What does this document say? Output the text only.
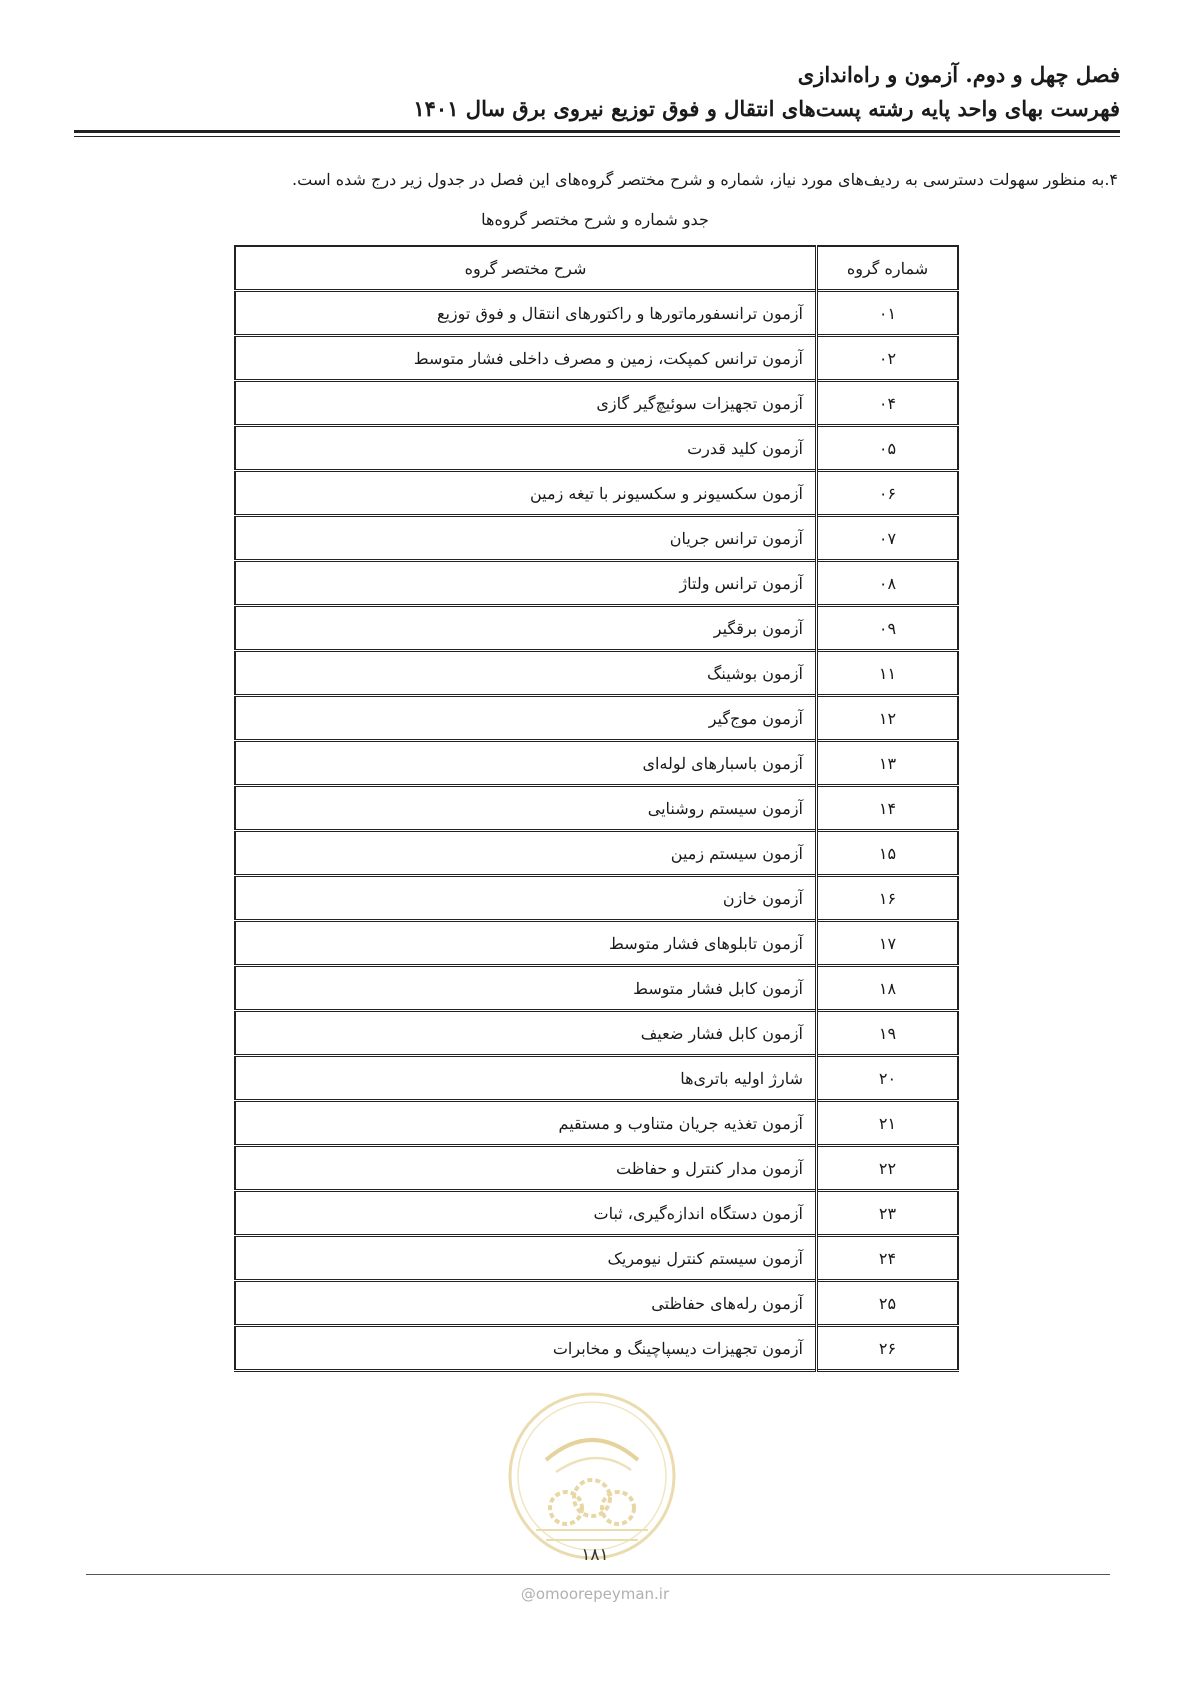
فصل چهل و دوم. آزمون و راه‌اندازی
فهرست بهای واحد پایه رشته پست‌های انتقال و فوق توزیع نیروی برق سال ۱۴۰۱
۴.به منظور سهولت دسترسی به ردیف‌های مورد نیاز، شماره و شرح مختصر گروه‌های این فصل در جدول زیر درج شده است.
جدو شماره و شرح مختصر گروه‌ها
شماره گروه	شرح مختصر گروه
۰۱	آزمون ترانسفورماتورها و راکتورهای انتقال و فوق توزیع
۰۲	آزمون ترانس کمپکت، زمین و مصرف داخلی فشار متوسط
۰۴	آزمون تجهیزات سوئیچ‌گیر گازی
۰۵	آزمون کلید قدرت
۰۶	آزمون سکسیونر و سکسیونر با تیغه زمین
۰۷	آزمون ترانس جریان
۰۸	آزمون ترانس ولتاژ
۰۹	آزمون برقگیر
۱۱	آزمون بوشینگ
۱۲	آزمون موج‌گیر
۱۳	آزمون باسبارهای لوله‌ای
۱۴	آزمون سیستم روشنایی
۱۵	آزمون سیستم زمین
۱۶	آزمون خازن
۱۷	آزمون تابلوهای فشار متوسط
۱۸	آزمون کابل فشار متوسط
۱۹	آزمون کابل فشار ضعیف
۲۰	شارژ اولیه باتری‌ها
۲۱	آزمون تغذیه جریان متناوب و مستقیم
۲۲	آزمون مدار کنترل و حفاظت
۲۳	آزمون دستگاه اندازه‌گیری، ثبات
۲۴	آزمون سیستم کنترل نیومریک
۲۵	آزمون رله‌های حفاظتی
۲۶	آزمون تجهیزات دیسپاچینگ و مخابرات
۱۸۱
@omoorepeyman.ir
